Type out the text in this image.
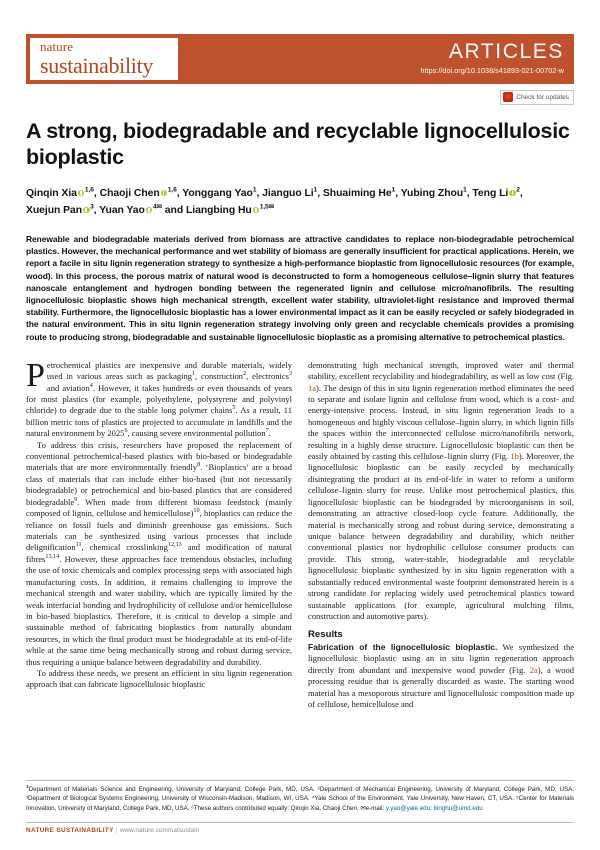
nature
sustainability
ARTICLES
https://doi.org/10.1038/s41893-021-00702-w
Check for updates
A strong, biodegradable and recyclable lignocellulosic bioplastic
Qinqin Xia $^{1,6}$, Chaoji Chen $^{1,6}$, Yonggang Yao$^1$, Jianguo Li$^1$, Shuaiming He$^1$, Yubing Zhou$^1$, Teng Li $^2$,
Xuejun Pan $^3$, Yuan Yao $^{4✉}$ and Liangbing Hu $^{1,5✉}$
Renewable and biodegradable materials derived from biomass are attractive candidates to replace non-biodegradable petrochemical plastics. However, the mechanical performance and wet stability of biomass are generally insufficient for practical applications. Herein, we report a facile in situ lignin regeneration strategy to synthesize a high-performance bioplastic from lignocellulosic resources (for example, wood). In this process, the porous matrix of natural wood is deconstructed to form a homogeneous cellulose–lignin slurry that features nanoscale entanglement and hydrogen bonding between the regenerated lignin and cellulose micro/nanofibrils. The resulting lignocellulosic bioplastic shows high mechanical strength, excellent water stability, ultraviolet-light resistance and improved thermal stability. Furthermore, the lignocellulosic bioplastic has a lower environmental impact as it can be easily recycled or safely biodegraded in the natural environment. This in situ lignin regeneration strategy involving only green and recyclable chemicals provides a promising route to producing strong, biodegradable and sustainable lignocellulosic bioplastic as a promising alternative to petrochemical plastics.

Petrochemical plastics are inexpensive and durable materials, widely used in various areas such as packaging$^1$, construction$^2$, electronics$^3$ and aviation$^4$. However, it takes hundreds or even thousands of years for most plastics (for example, polyethylene, polystyrene and polyvinyl chloride) to degrade due to the stable long polymer chains$^5$. As a result, 11 billion metric tons of plastics are projected to accumulate in landfills and the natural environment by 2025$^6$, causing severe environmental pollution$^7$.

To address this crisis, researchers have proposed the replacement of conventional petrochemical-based plastics with bio-based or biodegradable materials that are more environmentally friendly$^8$. ‘Bioplastics’ are a broad class of materials that can include either bio-based (but not necessarily biodegradable) or petrochemical and bio-based plastics that are considered biodegradable$^9$. When made from different biomass feedstock (mainly composed of lignin, cellulose and hemicellulose)$^{10}$, bioplastics can reduce the reliance on fossil fuels and diminish greenhouse gas emissions. Such materials can be synthesized using various processes that include delignification$^{11}$, chemical crosslinking$^{12,13}$ and modification of natural fibres$^{13,14}$. However, these approaches face tremendous obstacles, including the use of toxic chemicals and complex processing steps with associated high manufacturing costs. In addition, it remains challenging to improve the mechanical strength and water stability, which are typically limited by the weak interfacial bonding and hydrophilicity of cellulose and/or hemicellulose in bio-based bioplastics. Therefore, it is critical to develop a simple and sustainable method of fabricating bioplastics from naturally abundant resources, in which the final product must be biodegradable at its end-of-life while at the same time being mechanically strong and robust during service, thus requiring a unique balance between degradability and durability.

To address these needs, we present an efficient in situ lignin regeneration approach that can fabricate lignocellulosic bioplastic

demonstrating high mechanical strength, improved water and thermal stability, excellent recyclability and biodegradability, as well as low cost (Fig. 1a). The design of this in situ lignin regeneration method eliminates the need to separate and isolate lignin and cellulose from wood, which is a cost- and energy-intensive process. Instead, in situ lignin regeneration leads to a homogeneous and highly viscous cellulose–lignin slurry, in which lignin fills the spaces within the interconnected cellulose micro/nanofibrils network, resulting in a highly dense structure. Lignocellulosic bioplastic can then be easily obtained by casting this cellulose–lignin slurry (Fig. 1b). Moreover, the lignocellulosic bioplastic can be easily recycled by mechanically disintegrating the product at its end-of-life in water to reform a uniform cellulose–lignin slurry for reuse. Unlike most petrochemical plastics, this lignocellulosic bioplastic can be biodegraded by microorganisms in soil, demonstrating an attractive closed-loop cycle feature. Additionally, the material is mechanically strong and robust during service, demonstrating a unique balance between degradability and durability, which neither conventional plastics nor hydrophilic cellulose consumer products can provide. This strong, water-stable, biodegradable and recyclable lignocellulosic bioplastic synthesized by in situ lignin regeneration with a substantially reduced environmental waste footprint demonstrated herein is a strong candidate for replacing widely used petrochemical plastics toward sustainable applications (for example, agricultural mulching films, construction and automotive parts).

Results

Fabrication of the lignocellulosic bioplastic. We synthesized the lignocellulosic bioplastic using an in situ lignin regeneration approach directly from abundant and inexpensive wood powder (Fig. 2a), a wood processing residue that is generally discarded as waste. The starting wood material has a mesoporous structure and lignocellulosic composition made up of cellulose, hemicellulose and

$^1$Department of Materials Science and Engineering, University of Maryland, College Park, MD, USA. ²Department of Mechanical Engineering, University of Maryland, College Park, MD, USA. ³Department of Biological Systems Engineering, University of Wisconsin-Madison, Madison, WI, USA. ⁴Yale School of the Environment, Yale University, New Haven, CT, USA. ⁵Center for Materials Innovation, University of Maryland, College Park, MD, USA. ⁶These authors contributed equally: Qinqin Xia, Chaoji Chen. ✉e-mail: y.yao@yale.edu; binghu@umd.edu
NATURE SUSTAINABILITY | www.nature.com/natsustain
